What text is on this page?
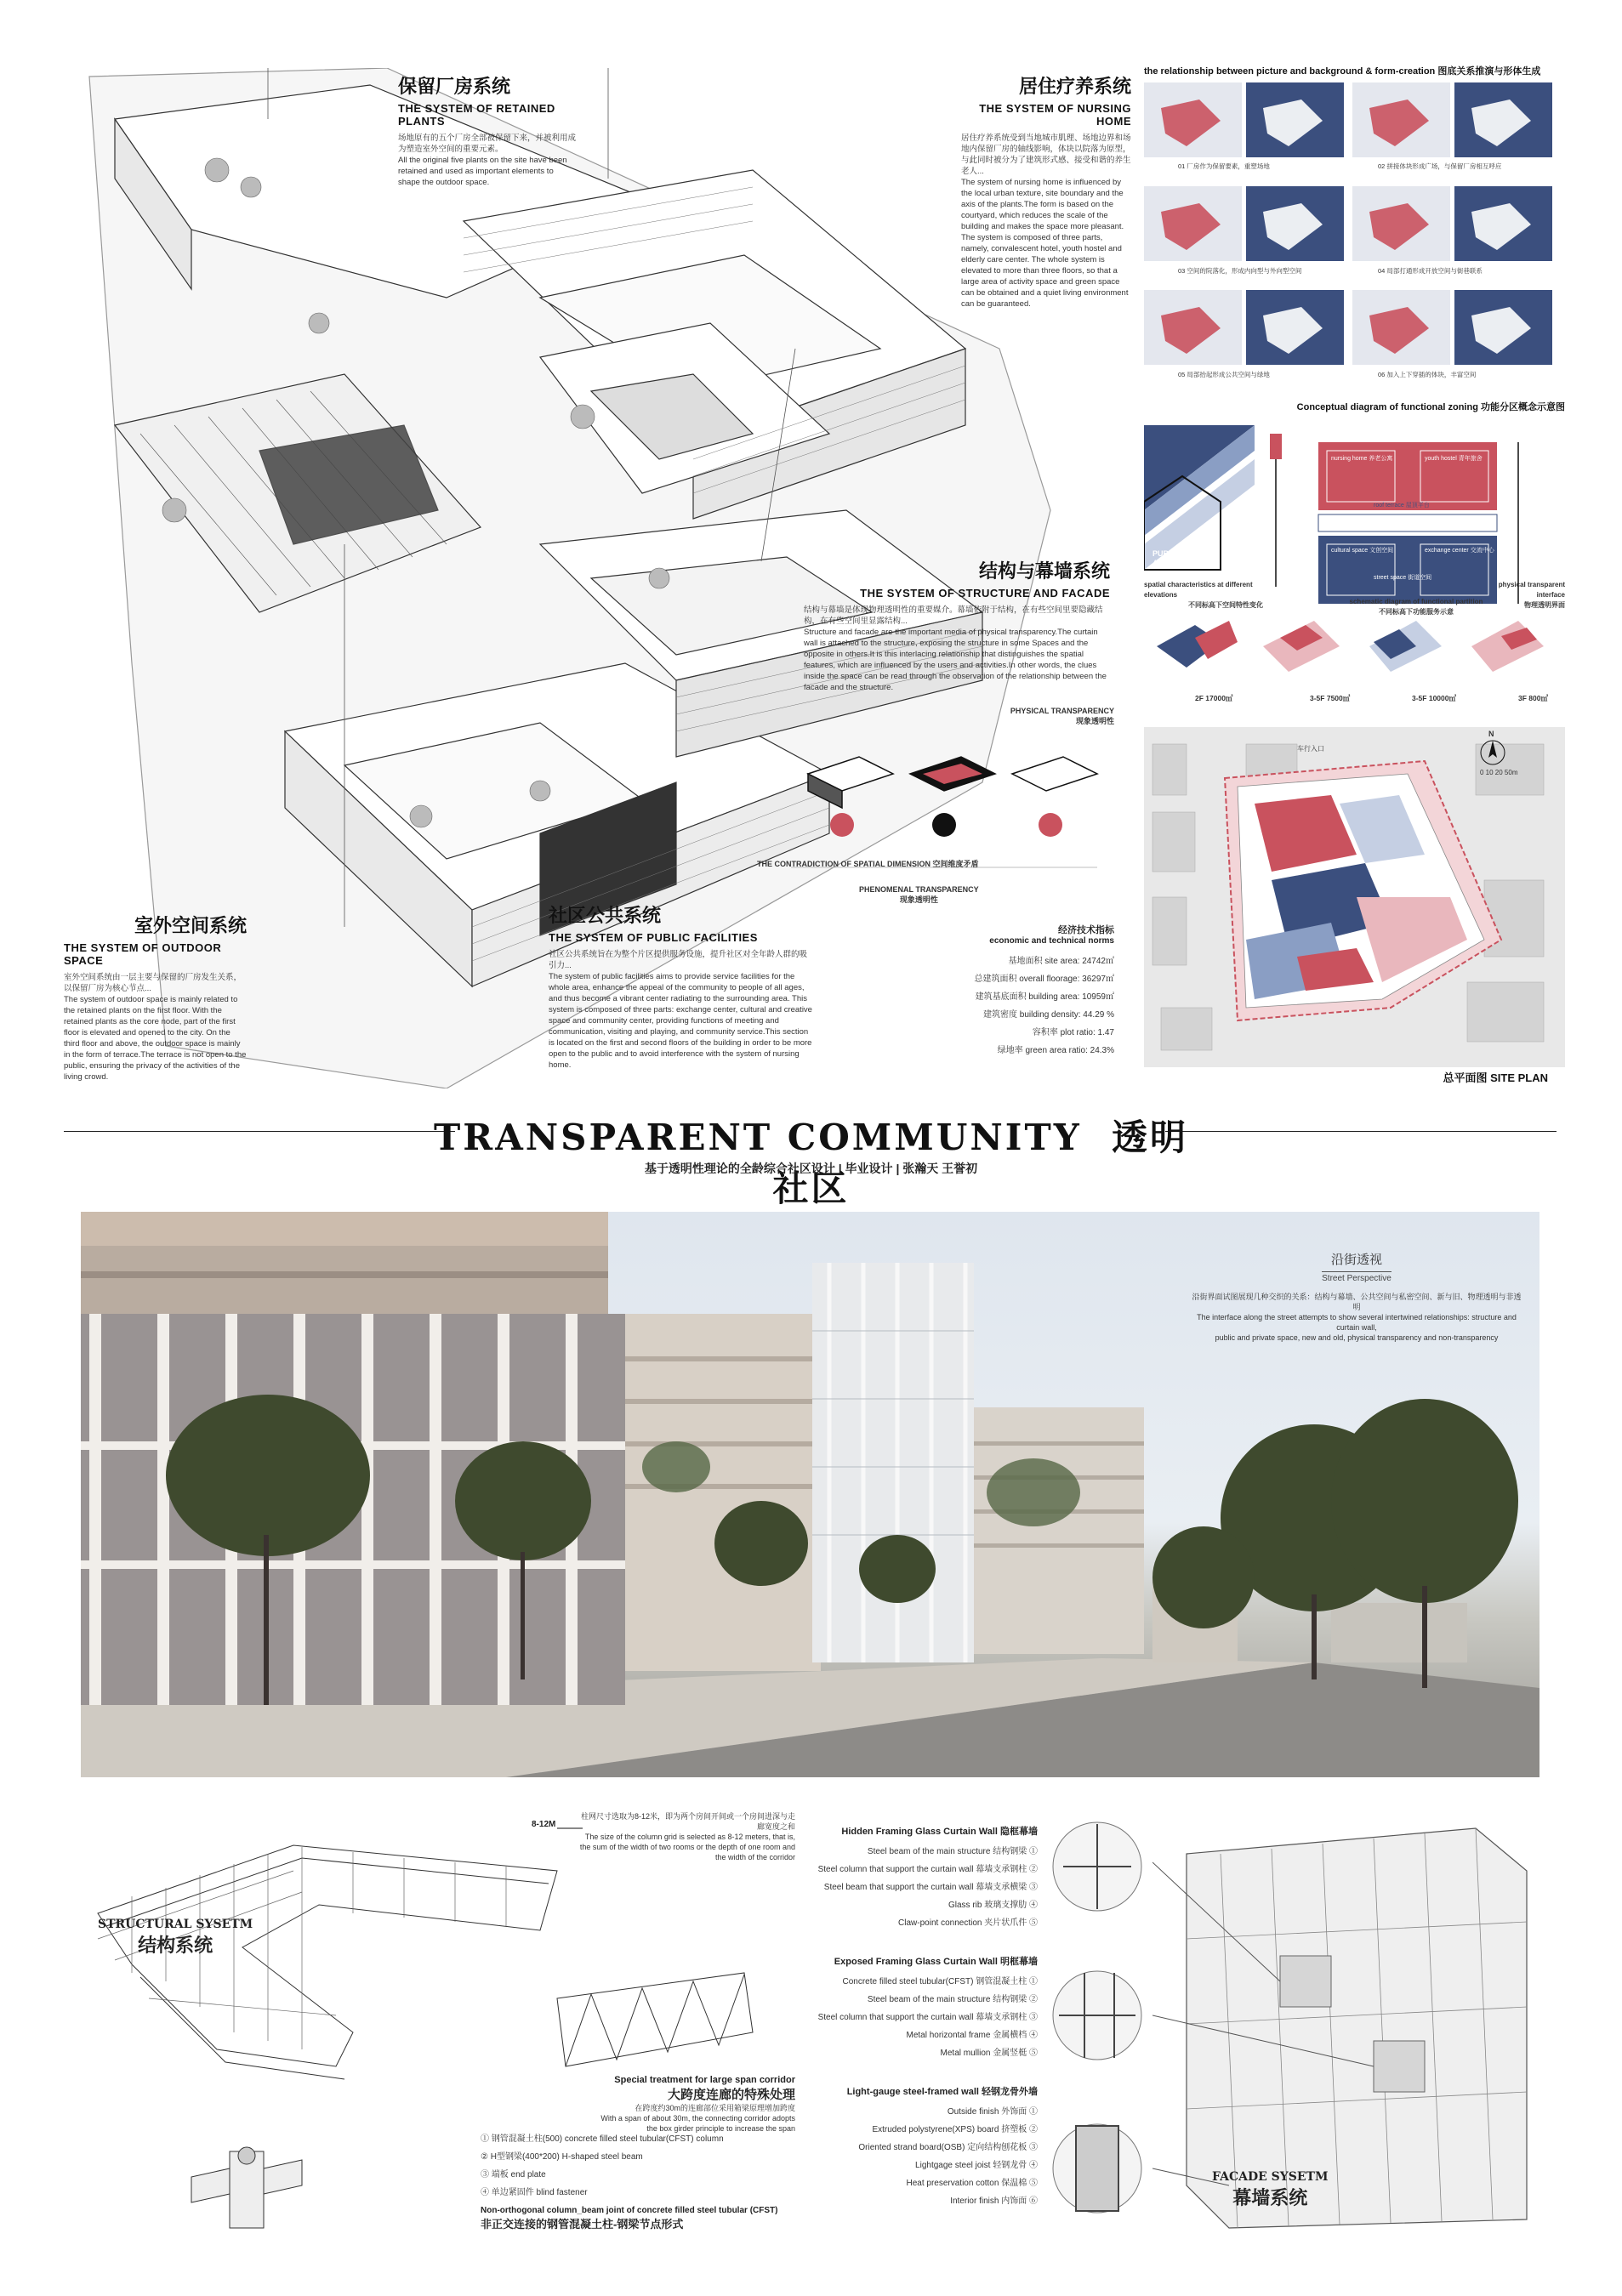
保留厂房系统
THE SYSTEM OF RETAINED PLANTS
场地原有的五个厂房全部被保留下来，并被利用成为塑造室外空间的重要元素。
All the original five plants on the site have been retained and used as important elements to shape the outdoor space.
居住疗养系统
THE SYSTEM OF NURSING HOME
居住疗养系统受到当地城市肌理、场地边界和场地内保留厂房的轴线影响，体块以院落为原型，与此同时被分为了建筑形式感、接受和谐的养生老人...
The system of nursing home is influenced by the local urban texture, site boundary and the axis of the plants.The form is based on the courtyard, which reduces the scale of the building and makes the space more pleasant. The system is composed of three parts, namely, convalescent hotel, youth hostel and elderly care center. The whole system is elevated to more than three floors, so that a large area of activity space and green space can be obtained and a quiet living environment can be guaranteed.
结构与幕墙系统
THE SYSTEM OF STRUCTURE AND FACADE
结构与幕墙是体现物理透明性的重要媒介。幕墙依附于结构，在有些空间里要隐藏结构，在有些空间里显露结构...
Structure and facade are the important media of physical transparency.The curtain wall is attached to the structure, exposing the structure in some Spaces and the opposite in others.It is this interlacing relationship that distinguishes the spatial features, which are influenced by the users and activities.In other words, the clues inside the space can be read through the observation of the relationship between the facade and the structure.
室外空间系统
THE SYSTEM OF OUTDOOR SPACE
室外空间系统由一层主要与保留的厂房发生关系，以保留厂房为核心节点...
The system of outdoor space is mainly related to the retained plants on the first floor. With the retained plants as the core node, part of the first floor is elevated and opened to the city. On the third floor and above, the outdoor space is mainly in the form of terrace.The terrace is not open to the public, ensuring the privacy of the activities of the living crowd.
社区公共系统
THE SYSTEM OF PUBLIC FACILITIES
社区公共系统旨在为整个片区提供服务设施，提升社区对全年龄人群的吸引力...
The system of public facilities aims to provide service facilities for the whole area, enhance the appeal of the community to people of all ages, and thus become a vibrant center radiating to the surrounding area. This system is composed of three parts: exchange center, cultural and creative space and community center, providing functions of meeting and communication, visiting and playing, and community service.This section is located on the first and second floors of the building in order to be more open to the public and to avoid interference with the system of nursing home.
PHYSICAL TRANSPARENCY
现象透明性
THE CONTRADICTION OF SPATIAL DIMENSION 空间维度矛盾
PHENOMENAL TRANSPARENCY
现象透明性
经济技术指标
economic and technical norms
基地面积 site area: 24742㎡
总建筑面积 overall floorage: 36297㎡
建筑基底面积 building area: 10959㎡
建筑密度 building density: 44.29 %
容积率 plot ratio: 1.47
绿地率 green area ratio: 24.3%
the relationship between picture and background & form-creation 图底关系推演与形体生成
01 厂房作为保留要素，重塑场地	02 拼接体块形成广场，与保留厂房相互呼应
03 空间的院落化，形成内向型与外向型空间	04 局部打通形成开放空间与街巷联系
05 局部抬起形成公共空间与绿地	06 加入上下穿插的体块，丰富空间
Conceptual diagram of functional zoning 功能分区概念示意图
PUBLIC SPACE
公共空间
nursing home 养老公寓	youth hostel 青年旅舍
roof terrace 屋顶平台
interior space 室内空间
cultural space 文创空间	exchange center 交流中心
street space 街道空间
spatial characteristics at different elevations
不同标高下空间特性变化	schematic diagram of functional partition
不同标高下功能服务示意
physical transparent interface
物理透明界面
2F 17000㎡	3-5F 7500㎡	3-5F 10000㎡	3F 800㎡
0 10 20 50m
N
车行入口
总平面图 SITE PLAN
TRANSPARENT COMMUNITY 透明社区
基于透明性理论的全龄综合社区设计 | 毕业设计 | 张瀚天 王誉初
沿街透视
Street Perspective
沿街界面试图展现几种交织的关系：结构与幕墙、公共空间与私密空间、新与旧、物理透明与非透明
The interface along the street attempts to show several intertwined relationships: structure and curtain wall,
public and private space, new and old, physical transparency and non-transparency
8-12M
柱网尺寸选取为8-12米，即为两个房间开间或一个房间进深与走廊宽度之和
The size of the column grid is selected as 8-12 meters, that is, the sum of the width of two rooms or the depth of one room and the width of the corridor
STRUCTURAL SYSETM
结构系统
Special treatment for large span corridor
大跨度连廊的特殊处理
在跨度约30m的连廊部位采用箱梁原理增加跨度
With a span of about 30m, the connecting corridor adopts the box girder principle to increase the span
① 钢管混凝土柱(500) concrete filled steel tubular(CFST) column
② H型钢梁(400*200) H-shaped steel beam
③ 端板 end plate
④ 单边紧固件 blind fastener
Non-orthogonal column_beam joint of concrete filled steel tubular (CFST)
非正交连接的钢管混凝土柱-钢梁节点形式
Hidden Framing Glass Curtain Wall 隐框幕墙
Steel beam of the main structure 结构钢梁 ①
Steel column that support the curtain wall 幕墙支承钢柱 ②
Steel beam that support the curtain wall 幕墙支承横梁 ③
Glass rib 玻璃支撑肋 ④
Claw-point connection 夹片状爪件 ⑤
Exposed Framing Glass Curtain Wall 明框幕墙
Concrete filled steel tubular(CFST) 钢管混凝土柱 ①
Steel beam of the main structure 结构钢梁 ②
Steel column that support the curtain wall 幕墙支承钢柱 ③
Metal horizontal frame 金属横档 ④
Metal mullion 金属竖梃 ⑤
Light-gauge steel-framed wall 轻钢龙骨外墙
Outside finish 外饰面 ①
Extruded polystyrene(XPS) board 挤塑板 ②
Oriented strand board(OSB) 定向结构刨花板 ③
Lightgage steel joist 轻钢龙骨 ④
Heat preservation cotton 保温棉 ⑤
Interior finish 内饰面 ⑥
FACADE SYSETM
幕墙系统
